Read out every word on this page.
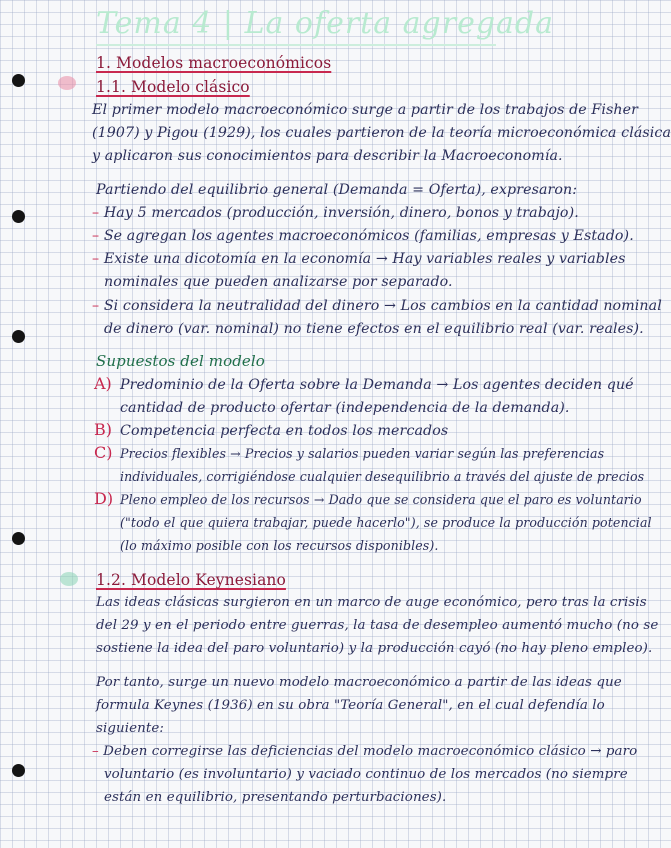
Tema 4 | La oferta agregada
1. Modelos macroeconómicos
1.1. Modelo clásico
El primer modelo macroeconómico surge a partir de los trabajos de Fisher
(1907) y Pigou (1929), los cuales partieron de la teoría microeconómica clásica
y aplicaron sus conocimientos para describir la Macroeconomía.
Partiendo del equilibrio general (Demanda = Oferta), expresaron:
– Hay 5 mercados (producción, inversión, dinero, bonos y trabajo).
– Se agregan los agentes macroeconómicos (familias, empresas y Estado).
– Existe una dicotomía en la economía → Hay variables reales y variables
nominales que pueden analizarse por separado.
– Si considera la neutralidad del dinero → Los cambios en la cantidad nominal
de dinero (var. nominal) no tiene efectos en el equilibrio real (var. reales).
Supuestos del modelo
A) Predominio de la Oferta sobre la Demanda → Los agentes deciden qué
cantidad de producto ofertar (independencia de la demanda).
B) Competencia perfecta en todos los mercados
C) Precios flexibles → Precios y salarios pueden variar según las preferencias
individuales, corrigiéndose cualquier desequilibrio a través del ajuste de precios
D) Pleno empleo de los recursos → Dado que se considera que el paro es voluntario
("todo el que quiera trabajar, puede hacerlo"), se produce la producción potencial
(lo máximo posible con los recursos disponibles).
1.2. Modelo Keynesiano
Las ideas clásicas surgieron en un marco de auge económico, pero tras la crisis
del 29 y en el periodo entre guerras, la tasa de desempleo aumentó mucho (no se
sostiene la idea del paro voluntario) y la producción cayó (no hay pleno empleo).
Por tanto, surge un nuevo modelo macroeconómico a partir de las ideas que
formula Keynes (1936) en su obra "Teoría General", en el cual defendía lo
siguiente:
– Deben corregirse las deficiencias del modelo macroeconómico clásico → paro
voluntario (es involuntario) y vaciado continuo de los mercados (no siempre
están en equilibrio, presentando perturbaciones).
